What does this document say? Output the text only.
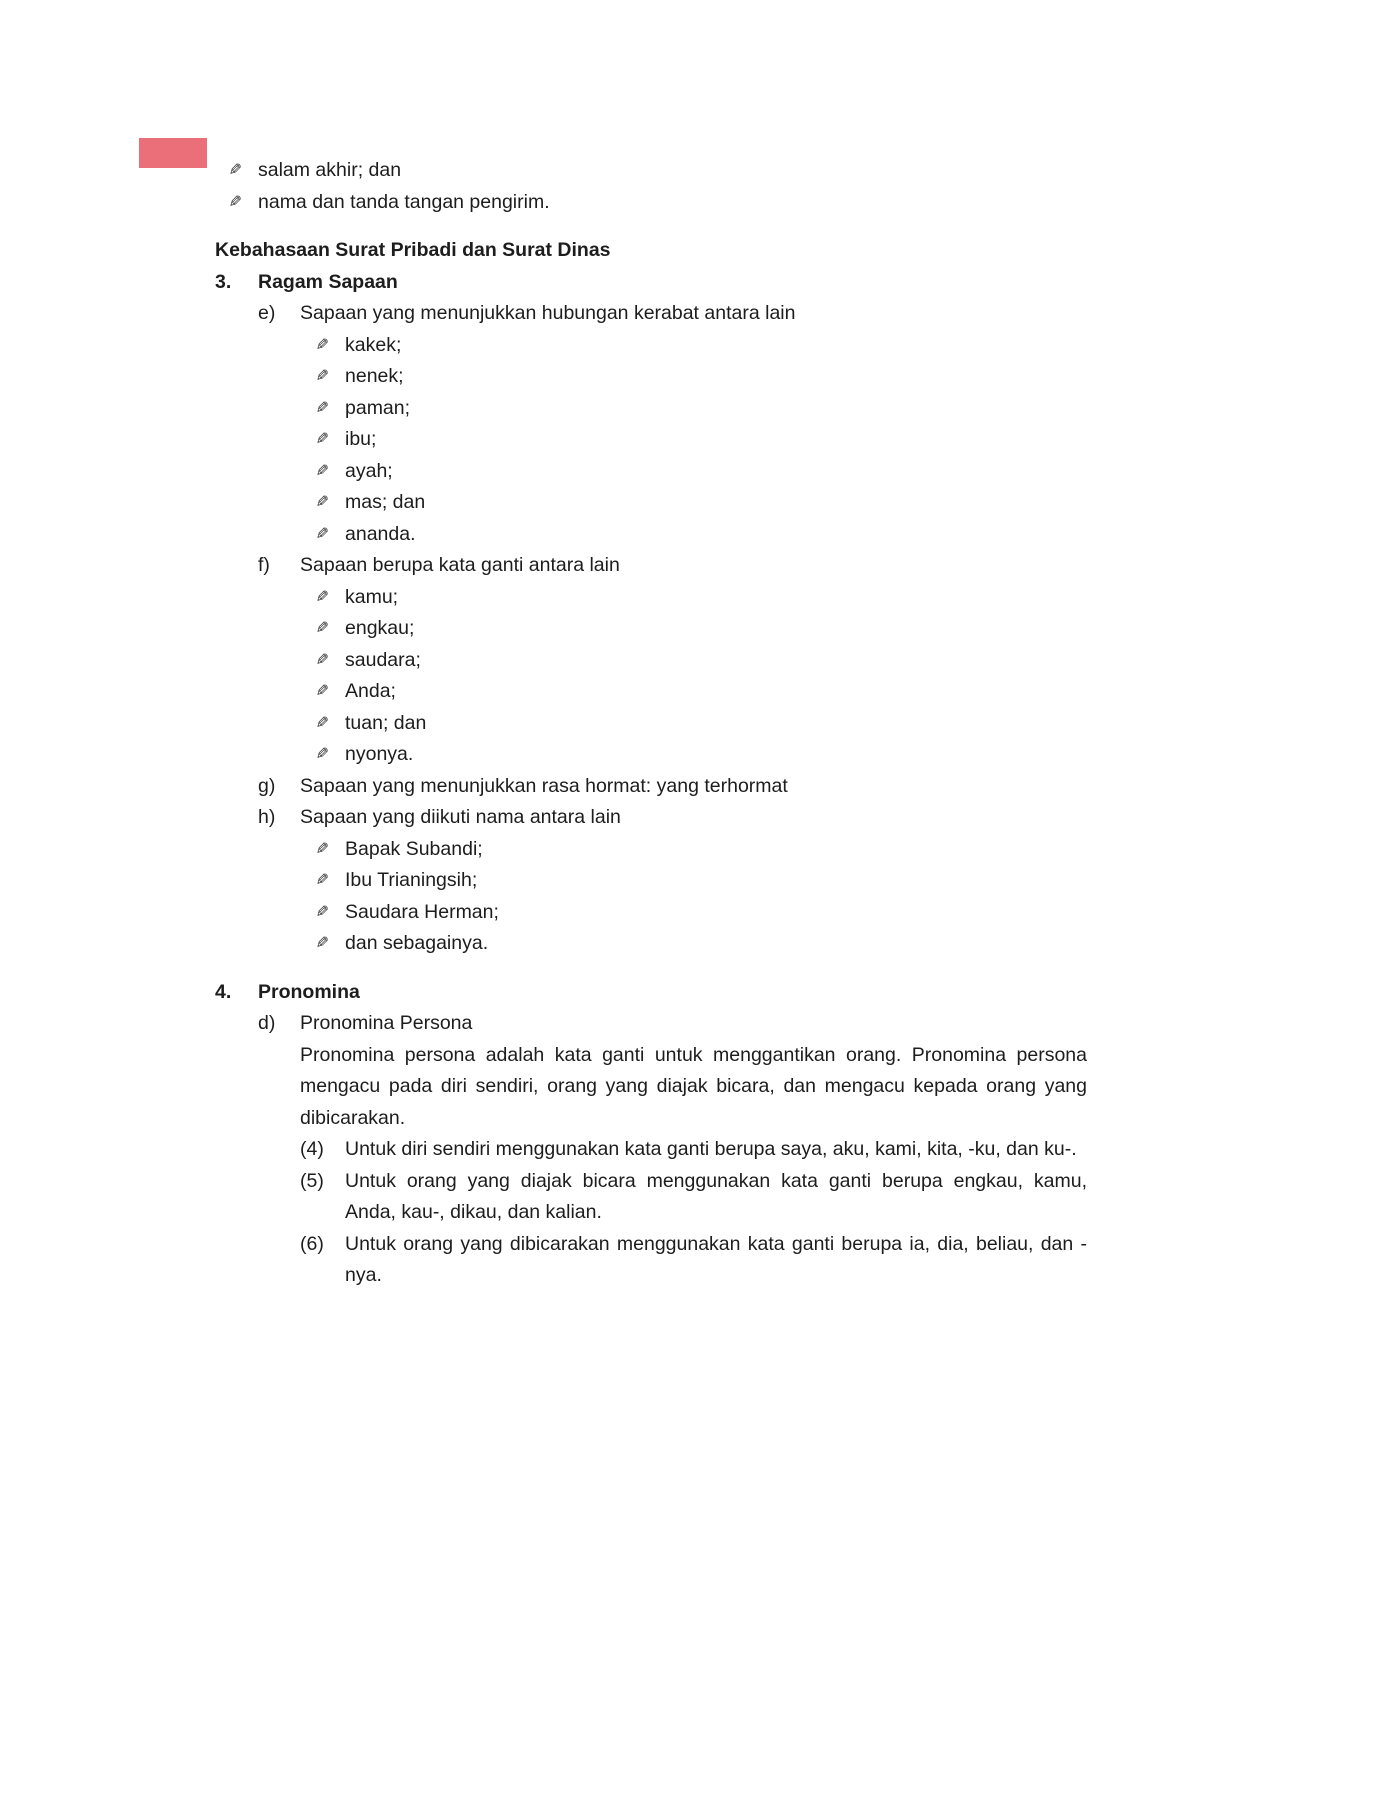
✎ salam akhir; dan
✎ nama dan tanda tangan pengirim.
Kebahasaan Surat Pribadi dan Surat Dinas
3.	Ragam Sapaan
e)	Sapaan yang menunjukkan hubungan kerabat antara lain
✎ kakek;
✎ nenek;
✎ paman;
✎ ibu;
✎ ayah;
✎ mas; dan
✎ ananda.
f)	Sapaan berupa kata ganti antara lain
✎ kamu;
✎ engkau;
✎ saudara;
✎ Anda;
✎ tuan; dan
✎ nyonya.
g)	Sapaan yang menunjukkan rasa hormat: yang terhormat
h)	Sapaan yang diikuti nama antara lain
✎ Bapak Subandi;
✎ Ibu Trianingsih;
✎ Saudara Herman;
✎ dan sebagainya.
4.	Pronomina
d)	Pronomina Persona
Pronomina persona adalah kata ganti untuk menggantikan orang. Pronomina persona mengacu pada diri sendiri, orang yang diajak bicara, dan mengacu kepada orang yang dibicarakan.
(4)	Untuk diri sendiri menggunakan kata ganti berupa saya, aku, kami, kita, -ku, dan ku-.
(5)	Untuk orang yang diajak bicara menggunakan kata ganti berupa engkau, kamu, Anda, kau-, dikau, dan kalian.
(6)	Untuk orang yang dibicarakan menggunakan kata ganti berupa ia, dia, beliau, dan -nya.
